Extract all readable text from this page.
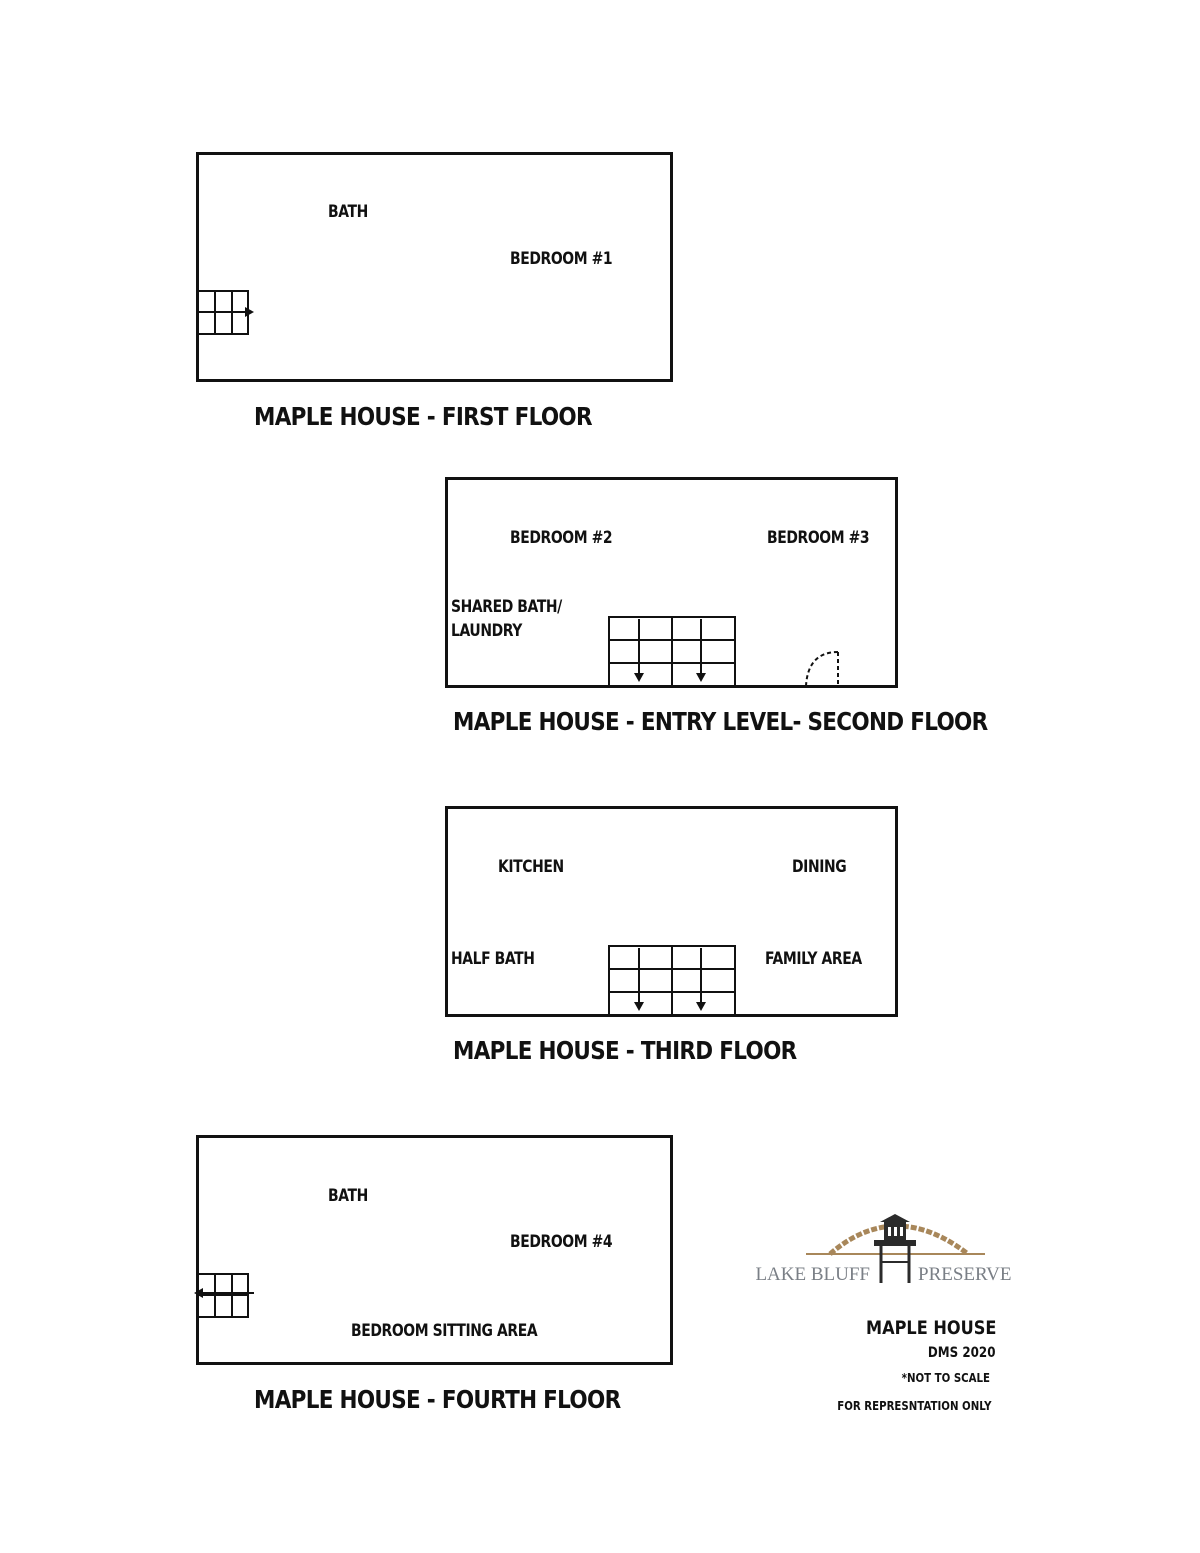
BATH
BEDROOM #1
MAPLE HOUSE - FIRST FLOOR
BEDROOM #2	BEDROOM #3
SHARED BATH/
LAUNDRY
MAPLE HOUSE - ENTRY LEVEL- SECOND FLOOR
KITCHEN	DINING
HALF BATH	FAMILY AREA
MAPLE HOUSE - THIRD FLOOR
BATH
BEDROOM #4
BEDROOM SITTING AREA
MAPLE HOUSE - FOURTH FLOOR
LAKE BLUFF	PRESERVE
MAPLE HOUSE
DMS 2020
*NOT TO SCALE
FOR REPRESNTATION ONLY
